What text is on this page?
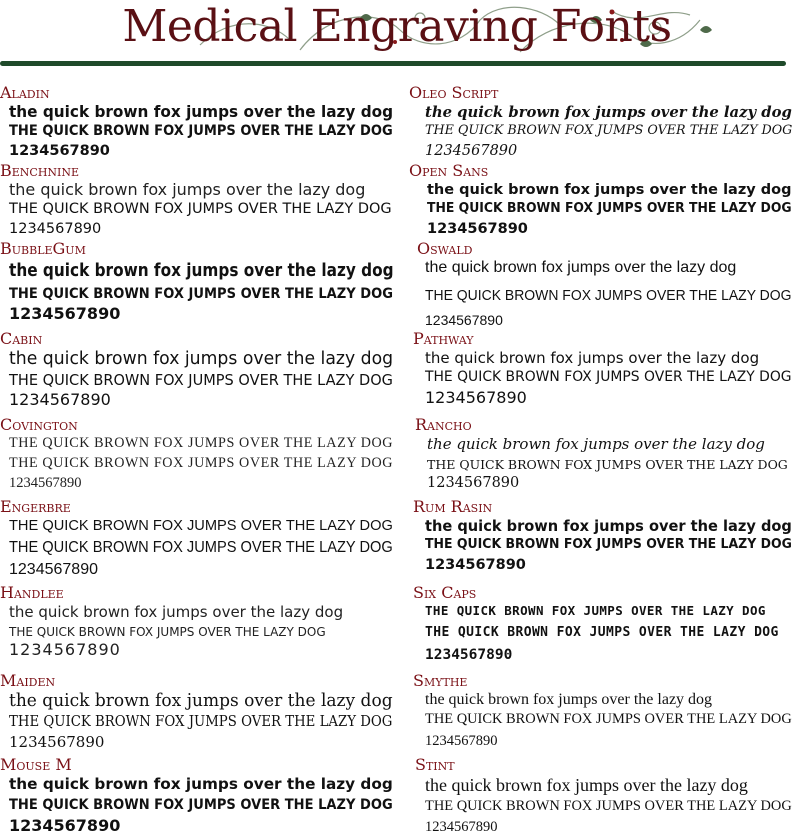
Medical Engraving Fonts
Aladin
the quick brown fox jumps over the lazy dog
THE QUICK BROWN FOX JUMPS OVER THE LAZY DOG
1234567890
Benchnine
the quick brown fox jumps over the lazy dog
THE QUICK BROWN FOX JUMPS OVER THE LAZY DOG
1234567890
BubbleGum
the quick brown fox jumps over the lazy dog
THE QUICK BROWN FOX JUMPS OVER THE LAZY DOG
1234567890
Cabin
the quick brown fox jumps over the lazy dog
THE QUICK BROWN FOX JUMPS OVER THE LAZY DOG
1234567890
Covington
THE QUICK BROWN FOX JUMPS OVER THE LAZY DOG
THE QUICK BROWN FOX JUMPS OVER THE LAZY DOG
1234567890
Engerbre
THE QUICK BROWN FOX JUMPS OVER THE LAZY DOG
THE QUICK BROWN FOX JUMPS OVER THE LAZY DOG
1234567890
Handlee
the quick brown fox jumps over the lazy dog
THE QUICK BROWN FOX JUMPS OVER THE LAZY DOG
1234567890
Maiden
the quick brown fox jumps over the lazy dog
THE QUICK BROWN FOX JUMPS OVER THE LAZY DOG
1234567890
Mouse M
the quick brown fox jumps over the lazy dog
THE QUICK BROWN FOX JUMPS OVER THE LAZY DOG
1234567890
Oleo Script
the quick brown fox jumps over the lazy dog
THE QUICK BROWN FOX JUMPS OVER THE LAZY DOG
1234567890
Open Sans
the quick brown fox jumps over the lazy dog
THE QUICK BROWN FOX JUMPS OVER THE LAZY DOG
1234567890
Oswald
the quick brown fox jumps over the lazy dog
THE QUICK BROWN FOX JUMPS OVER THE LAZY DOG
1234567890
Pathway
the quick brown fox jumps over the lazy dog
THE QUICK BROWN FOX JUMPS OVER THE LAZY DOG
1234567890
Rancho
the quick brown fox jumps over the lazy dog
THE QUICK BROWN FOX JUMPS OVER THE LAZY DOG
1234567890
Rum Rasin
the quick brown fox jumps over the lazy dog
THE QUICK BROWN FOX JUMPS OVER THE LAZY DOG
1234567890
Six Caps
THE QUICK BROWN FOX JUMPS OVER THE LAZY DOG
THE QUICK BROWN FOX JUMPS OVER THE LAZY DOG
1234567890
Smythe
the quick brown fox jumps over the lazy dog
THE QUICK BROWN FOX JUMPS OVER THE LAZY DOG
1234567890
Stint
the quick brown fox jumps over the lazy dog
THE QUICK BROWN FOX JUMPS OVER THE LAZY DOG
1234567890
